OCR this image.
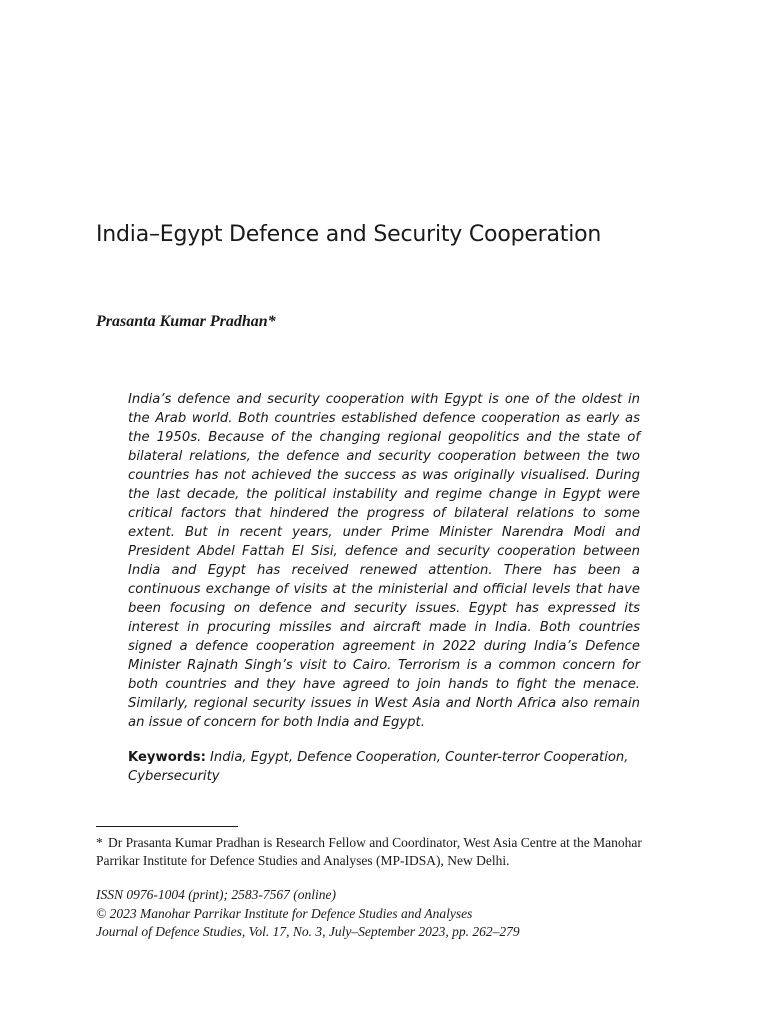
India–Egypt Defence and Security Cooperation
Prasanta Kumar Pradhan*

India’s defence and security cooperation with Egypt is one of the oldest in the Arab world. Both countries established defence cooperation as early as the 1950s. Because of the changing regional geopolitics and the state of bilateral relations, the defence and security cooperation between the two countries has not achieved the success as was originally visualised. During the last decade, the political instability and regime change in Egypt were critical factors that hindered the progress of bilateral relations to some extent. But in recent years, under Prime Minister Narendra Modi and President Abdel Fattah El Sisi, defence and security cooperation between India and Egypt has received renewed attention. There has been a continuous exchange of visits at the ministerial and official levels that have been focusing on defence and security issues. Egypt has expressed its interest in procuring missiles and aircraft made in India. Both countries signed a defence cooperation agreement in 2022 during India’s Defence Minister Rajnath Singh’s visit to Cairo. Terrorism is a common concern for both countries and they have agreed to join hands to fight the menace. Similarly, regional security issues in West Asia and North Africa also remain an issue of concern for both India and Egypt.

Keywords: India, Egypt, Defence Cooperation, Counter-terror Cooperation, Cybersecurity

* Dr Prasanta Kumar Pradhan is Research Fellow and Coordinator, West Asia Centre at the Manohar Parrikar Institute for Defence Studies and Analyses (MP-IDSA), New Delhi.
ISSN 0976-1004 (print); 2583-7567 (online)
© 2023 Manohar Parrikar Institute for Defence Studies and Analyses
Journal of Defence Studies, Vol. 17, No. 3, July–September 2023, pp. 262–279
